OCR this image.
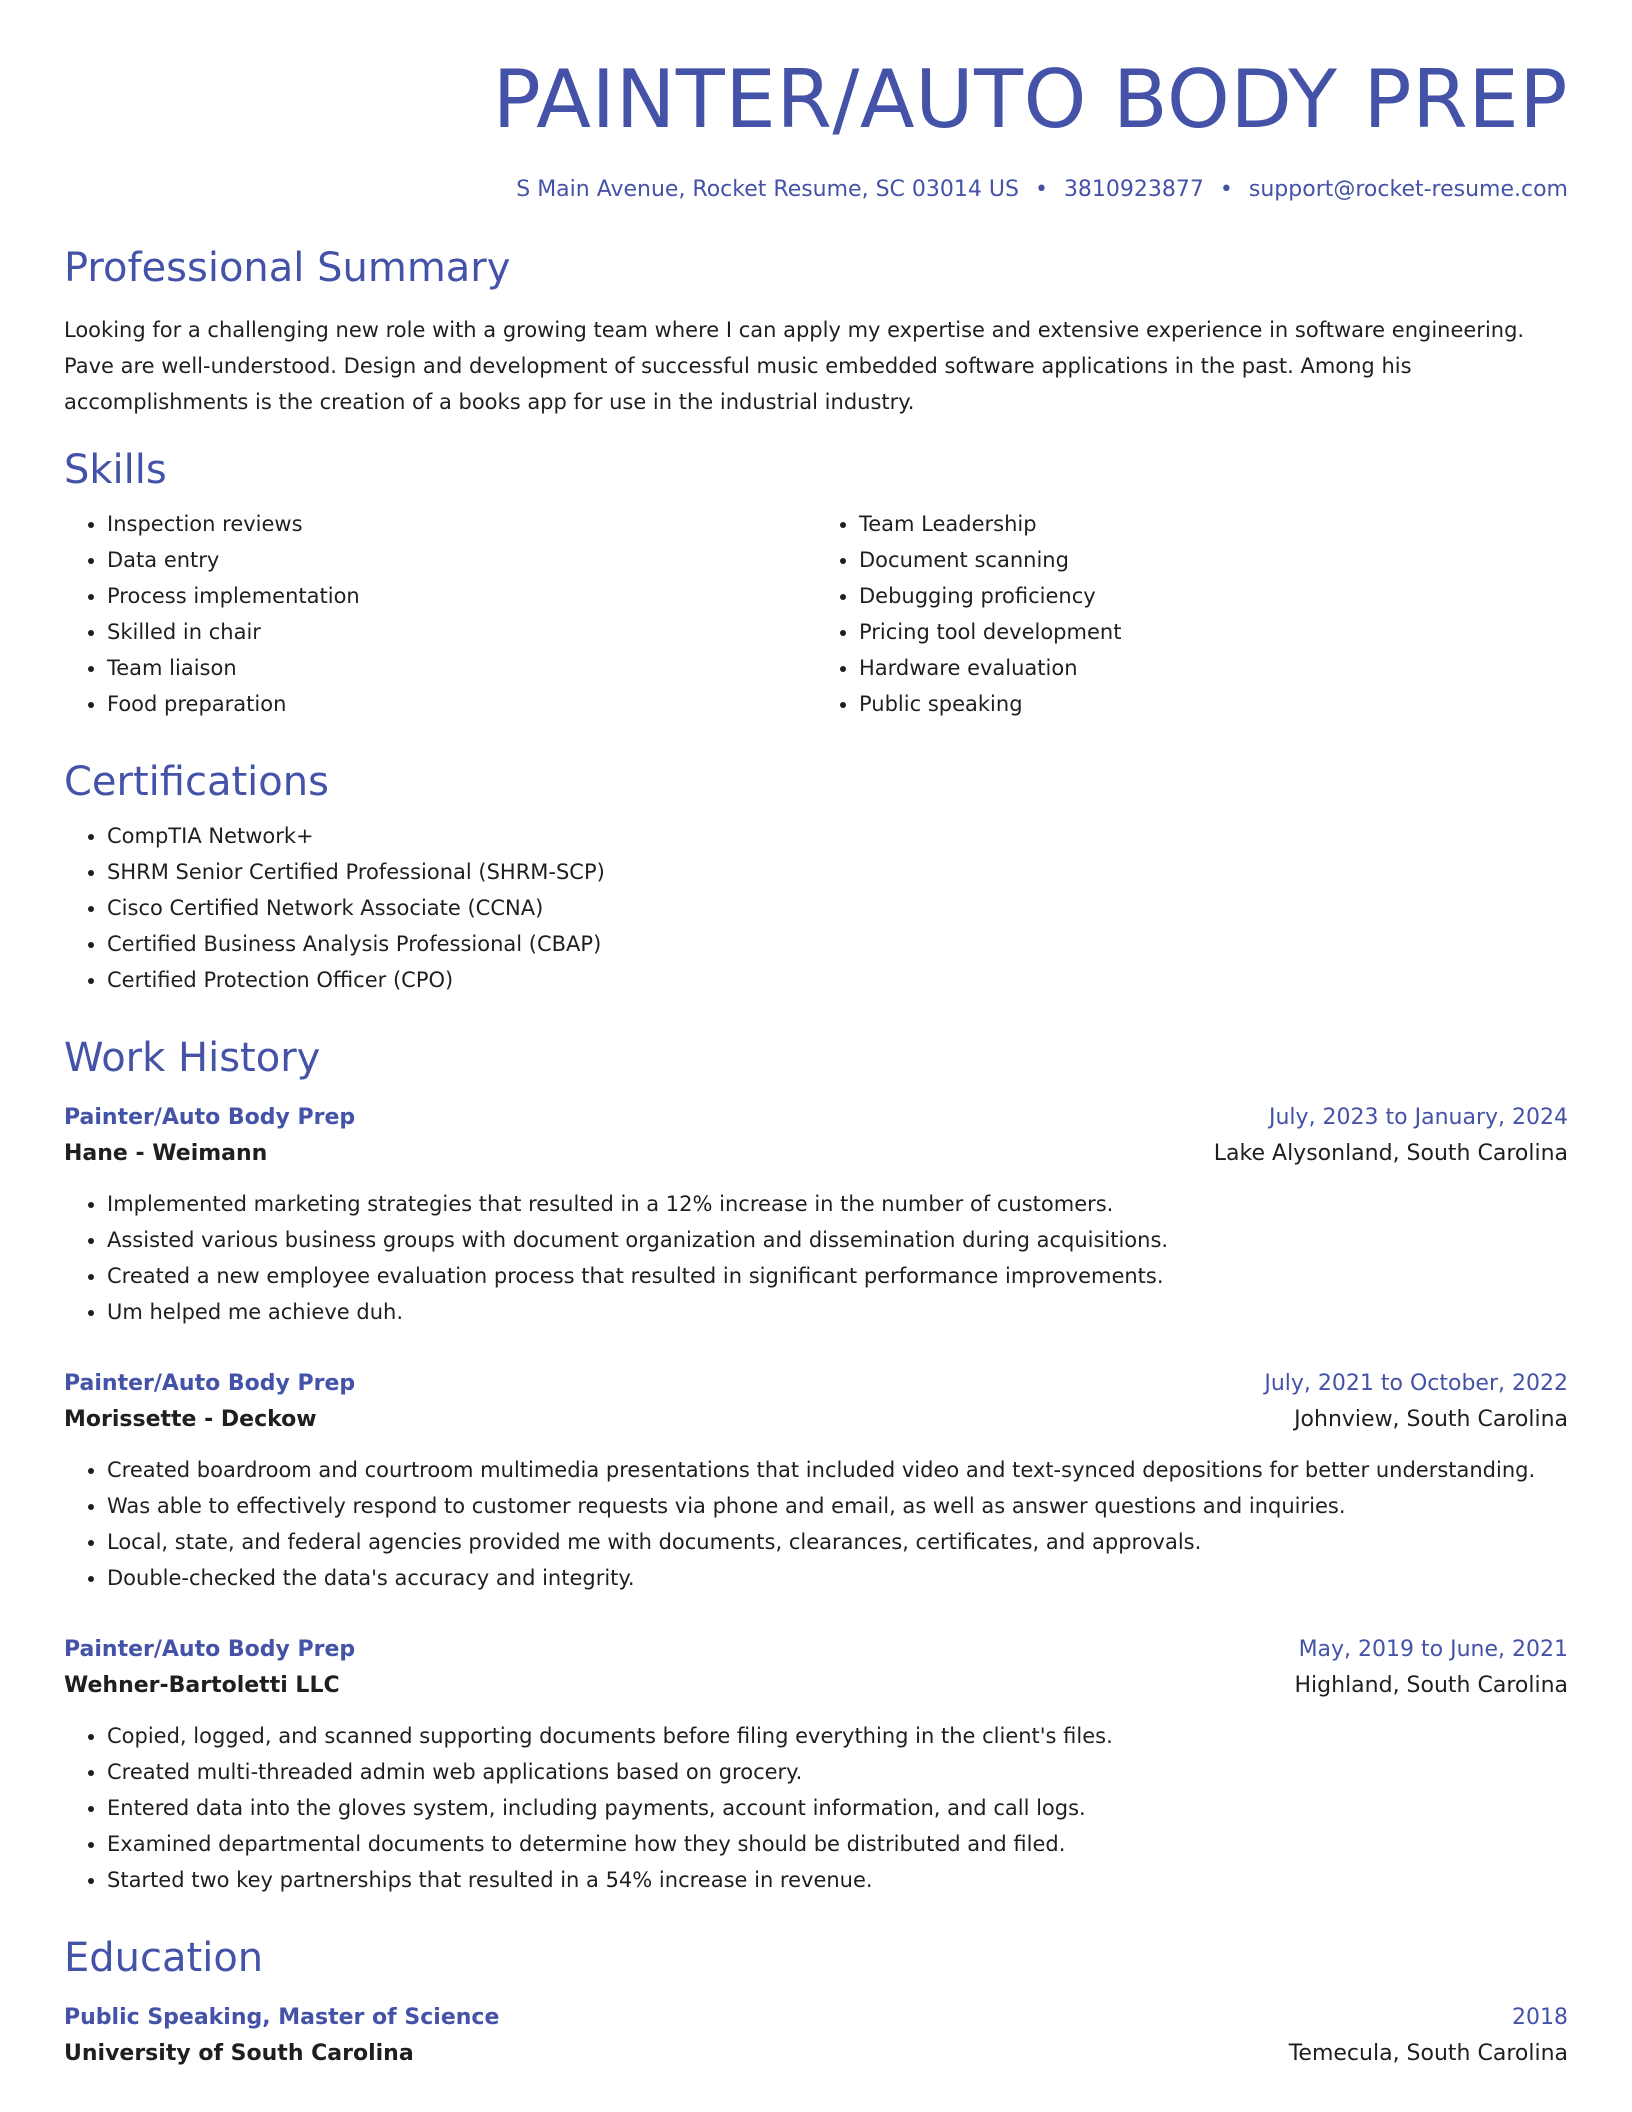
PAINTER/AUTO BODY PREP
S Main Avenue, Rocket Resume, SC 03014 US • 3810923877 • support@rocket-resume.com
Professional Summary
Looking for a challenging new role with a growing team where I can apply my expertise and extensive experience in software engineering. Pave are well-understood. Design and development of successful music embedded software applications in the past. Among his accomplishments is the creation of a books app for use in the industrial industry.
Skills
• Inspection reviews
• Data entry
• Process implementation
• Skilled in chair
• Team liaison
• Food preparation
• Team Leadership
• Document scanning
• Debugging proficiency
• Pricing tool development
• Hardware evaluation
• Public speaking
Certifications
• CompTIA Network+
• SHRM Senior Certified Professional (SHRM-SCP)
• Cisco Certified Network Associate (CCNA)
• Certified Business Analysis Professional (CBAP)
• Certified Protection Officer (CPO)
Work History
Painter/Auto Body Prep	July, 2023 to January, 2024
Hane - Weimann	Lake Alysonland, South Carolina
• Implemented marketing strategies that resulted in a 12% increase in the number of customers.
• Assisted various business groups with document organization and dissemination during acquisitions.
• Created a new employee evaluation process that resulted in significant performance improvements.
• Um helped me achieve duh.
Painter/Auto Body Prep	July, 2021 to October, 2022
Morissette - Deckow	Johnview, South Carolina
• Created boardroom and courtroom multimedia presentations that included video and text-synced depositions for better understanding.
• Was able to effectively respond to customer requests via phone and email, as well as answer questions and inquiries.
• Local, state, and federal agencies provided me with documents, clearances, certificates, and approvals.
• Double-checked the data's accuracy and integrity.
Painter/Auto Body Prep	May, 2019 to June, 2021
Wehner-Bartoletti LLC	Highland, South Carolina
• Copied, logged, and scanned supporting documents before filing everything in the client's files.
• Created multi-threaded admin web applications based on grocery.
• Entered data into the gloves system, including payments, account information, and call logs.
• Examined departmental documents to determine how they should be distributed and filed.
• Started two key partnerships that resulted in a 54% increase in revenue.
Education
Public Speaking, Master of Science	2018
University of South Carolina	Temecula, South Carolina
